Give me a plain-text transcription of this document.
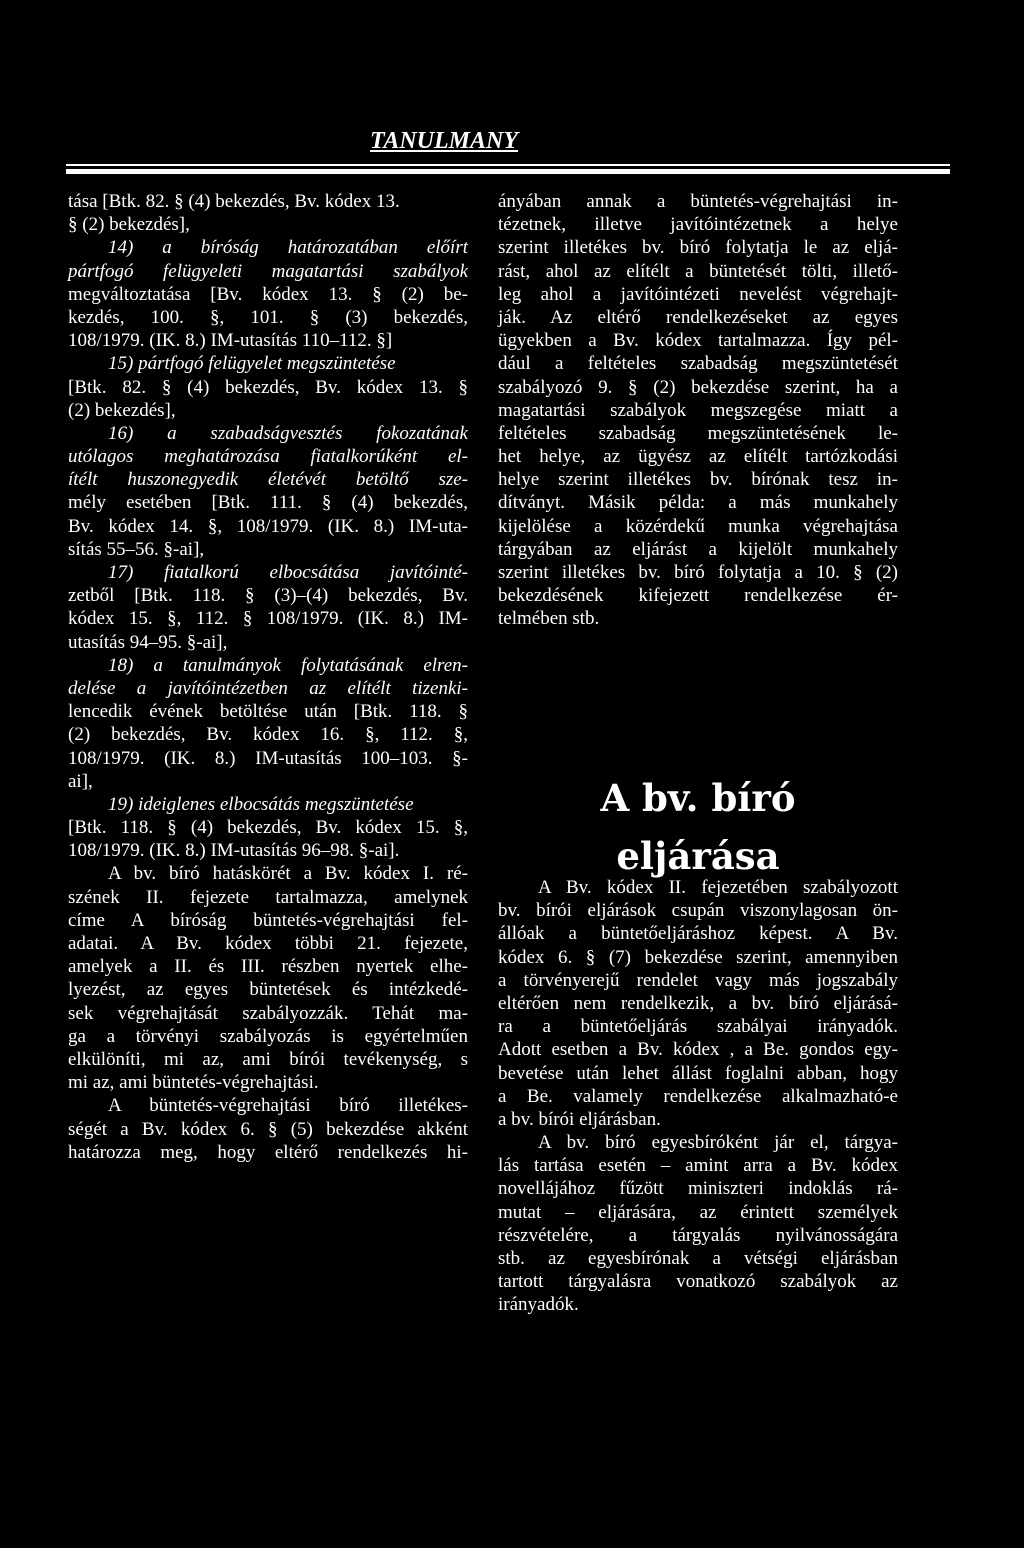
TANULMANY
tása [Btk. 82. § (4) bekezdés, Bv. kódex 13.
§ (2) bekezdés],
14) a bíróság határozatában előírt
pártfogó felügyeleti magatartási szabályok
megváltoztatása [Bv. kódex 13. § (2) be-
kezdés, 100. §, 101. § (3) bekezdés,
108/1979. (IK. 8.) IM-utasítás 110–112. §]
15) pártfogó felügyelet megszüntetése
[Btk. 82. § (4) bekezdés, Bv. kódex 13. §
(2) bekezdés],
16) a szabadságvesztés fokozatának
utólagos meghatározása fiatalkorúként el-
ítélt huszonegyedik életévét betöltő sze-
mély esetében [Btk. 111. § (4) bekezdés,
Bv. kódex 14. §, 108/1979. (IK. 8.) IM-uta-
sítás 55–56. §-ai],
17) fiatalkorú elbocsátása javítóinté-
zetből [Btk. 118. § (3)–(4) bekezdés, Bv.
kódex 15. §, 112. § 108/1979. (IK. 8.) IM-
utasítás 94–95. §-ai],
18) a tanulmányok folytatásának elren-
delése a javítóintézetben az elítélt tizenki-
lencedik évének betöltése után [Btk. 118. §
(2) bekezdés, Bv. kódex 16. §, 112. §,
108/1979. (IK. 8.) IM-utasítás 100–103. §-
ai],
19) ideiglenes elbocsátás megszüntetése
[Btk. 118. § (4) bekezdés, Bv. kódex 15. §,
108/1979. (IK. 8.) IM-utasítás 96–98. §-ai].
A bv. bíró hatáskörét a Bv. kódex I. ré-
szének II. fejezete tartalmazza, amelynek
címe A bíróság büntetés-végrehajtási fel-
adatai. A Bv. kódex többi 21. fejezete,
amelyek a II. és III. részben nyertek elhe-
lyezést, az egyes büntetések és intézkedé-
sek végrehajtását szabályozzák. Tehát ma-
ga a törvényi szabályozás is egyértelműen
elkülöníti, mi az, ami bírói tevékenység, s
mi az, ami büntetés-végrehajtási.
A büntetés-végrehajtási bíró illetékes-
ségét a Bv. kódex 6. § (5) bekezdése akként
határozza meg, hogy eltérő rendelkezés hi-
ányában annak a büntetés-végrehajtási in-
tézetnek, illetve javítóintézetnek a helye
szerint illetékes bv. bíró folytatja le az eljá-
rást, ahol az elítélt a büntetését tölti, illető-
leg ahol a javítóintézeti nevelést végrehajt-
ják. Az eltérő rendelkezéseket az egyes
ügyekben a Bv. kódex tartalmazza. Így pél-
dául a feltételes szabadság megszüntetését
szabályozó 9. § (2) bekezdése szerint, ha a
magatartási szabályok megszegése miatt a
feltételes szabadság megszüntetésének le-
het helye, az ügyész az elítélt tartózkodási
helye szerint illetékes bv. bírónak tesz in-
dítványt. Másik példa: a más munkahely
kijelölése a közérdekű munka végrehajtása
tárgyában az eljárást a kijelölt munkahely
szerint illetékes bv. bíró folytatja a 10. § (2)
bekezdésének kifejezett rendelkezése ér-
telmében stb.
A bv. bíró
eljárása
A Bv. kódex II. fejezetében szabályozott
bv. bírói eljárások csupán viszonylagosan ön-
állóak a büntetőeljáráshoz képest. A Bv.
kódex 6. § (7) bekezdése szerint, amennyiben
a törvényerejű rendelet vagy más jogszabály
eltérően nem rendelkezik, a bv. bíró eljárásá-
ra a büntetőeljárás szabályai irányadók.
Adott esetben a Bv. kódex , a Be. gondos egy-
bevetése után lehet állást foglalni abban, hogy
a Be. valamely rendelkezése alkalmazható-e
a bv. bírói eljárásban.
A bv. bíró egyesbíróként jár el, tárgya-
lás tartása esetén – amint arra a Bv. kódex
novellájához fűzött miniszteri indoklás rá-
mutat – eljárására, az érintett személyek
részvételére, a tárgyalás nyilvánosságára
stb. az egyesbírónak a vétségi eljárásban
tartott tárgyalásra vonatkozó szabályok az
irányadók.
